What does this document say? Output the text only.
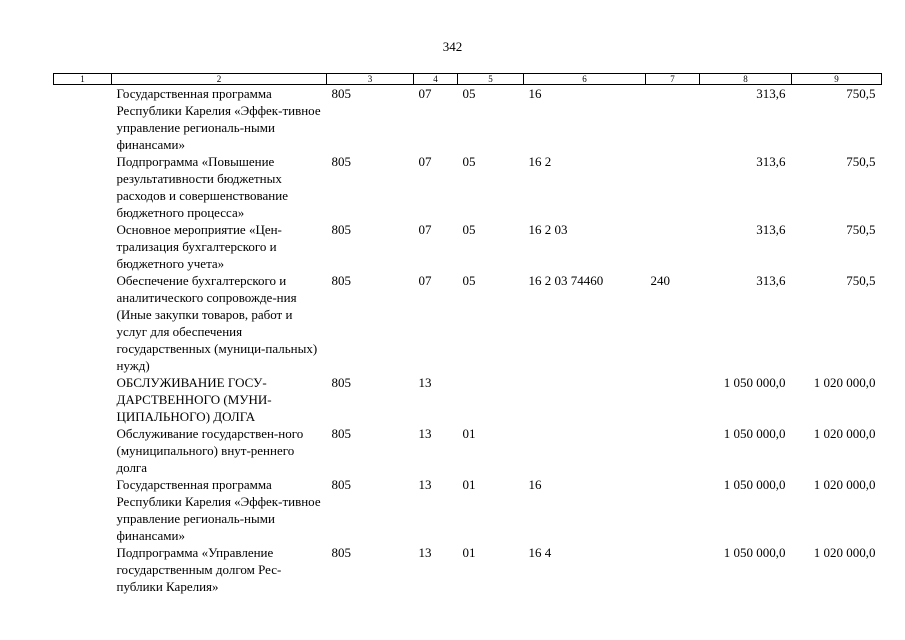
342
1	2	3	4	5	6	7	8	9
	Государственная программа Республики Карелия «Эффек-тивное управление региональ-ными финансами»	805	07	05	16		313,6	750,5
	Подпрограмма «Повышение результативности бюджетных расходов и совершенствование бюджетного процесса»	805	07	05	16 2		313,6	750,5
	Основное мероприятие «Цен-трализация бухгалтерского и бюджетного учета»	805	07	05	16 2 03		313,6	750,5
	Обеспечение бухгалтерского и аналитического сопровожде-ния (Иные закупки товаров, работ и услуг для обеспечения государственных (муници-пальных) нужд)	805	07	05	16 2 03 74460	240	313,6	750,5
	ОБСЛУЖИВАНИЕ ГОСУ-ДАРСТВЕННОГО (МУНИ-ЦИПАЛЬНОГО) ДОЛГА	805	13				1 050 000,0	1 020 000,0
	Обслуживание государствен-ного (муниципального) внут-реннего долга	805	13	01			1 050 000,0	1 020 000,0
	Государственная программа Республики Карелия «Эффек-тивное управление региональ-ными финансами»	805	13	01	16		1 050 000,0	1 020 000,0
	Подпрограмма «Управление государственным долгом Рес-публики Карелия»	805	13	01	16 4		1 050 000,0	1 020 000,0
